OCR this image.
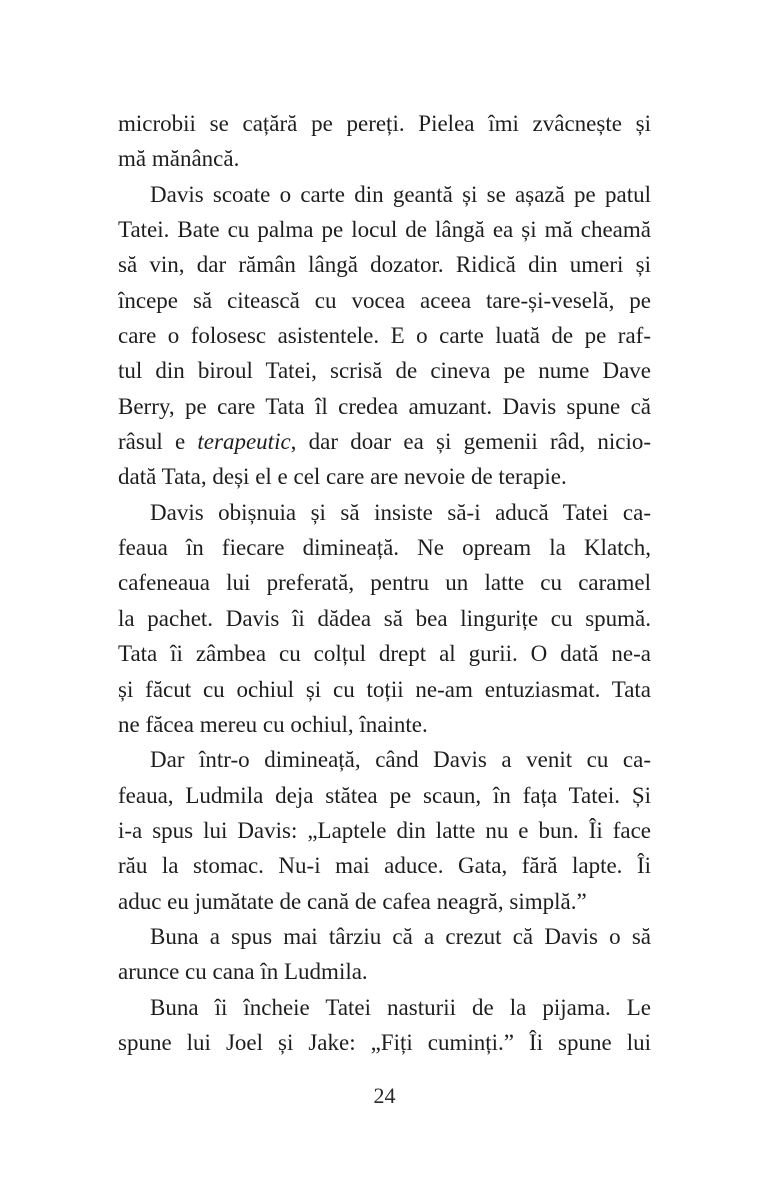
microbii se cațără pe pereți. Pielea îmi zvâcnește și
mă mănâncă.
Davis scoate o carte din geantă și se așază pe patul
Tatei. Bate cu palma pe locul de lângă ea și mă cheamă
să vin, dar rămân lângă dozator. Ridică din umeri și
începe să citească cu vocea aceea tare-și-veselă, pe
care o folosesc asistentele. E o carte luată de pe raf-
tul din biroul Tatei, scrisă de cineva pe nume Dave
Berry, pe care Tata îl credea amuzant. Davis spune că
râsul e terapeutic, dar doar ea și gemenii râd, nicio-
dată Tata, deși el e cel care are nevoie de terapie.
Davis obișnuia și să insiste să-i aducă Tatei ca-
feaua în fiecare dimineață. Ne opream la Klatch,
cafeneaua lui preferată, pentru un latte cu caramel
la pachet. Davis îi dădea să bea lingurițe cu spumă.
Tata îi zâmbea cu colțul drept al gurii. O dată ne-a
și făcut cu ochiul și cu toții ne-am entuziasmat. Tata
ne făcea mereu cu ochiul, înainte.
Dar într-o dimineață, când Davis a venit cu ca-
feaua, Ludmila deja stătea pe scaun, în fața Tatei. Și
i-a spus lui Davis: „Laptele din latte nu e bun. Îi face
rău la stomac. Nu-i mai aduce. Gata, fără lapte. Îi
aduc eu jumătate de cană de cafea neagră, simplă.”
Buna a spus mai târziu că a crezut că Davis o să
arunce cu cana în Ludmila.
Buna îi încheie Tatei nasturii de la pijama. Le
spune lui Joel și Jake: „Fiți cuminți.” Îi spune lui
24
